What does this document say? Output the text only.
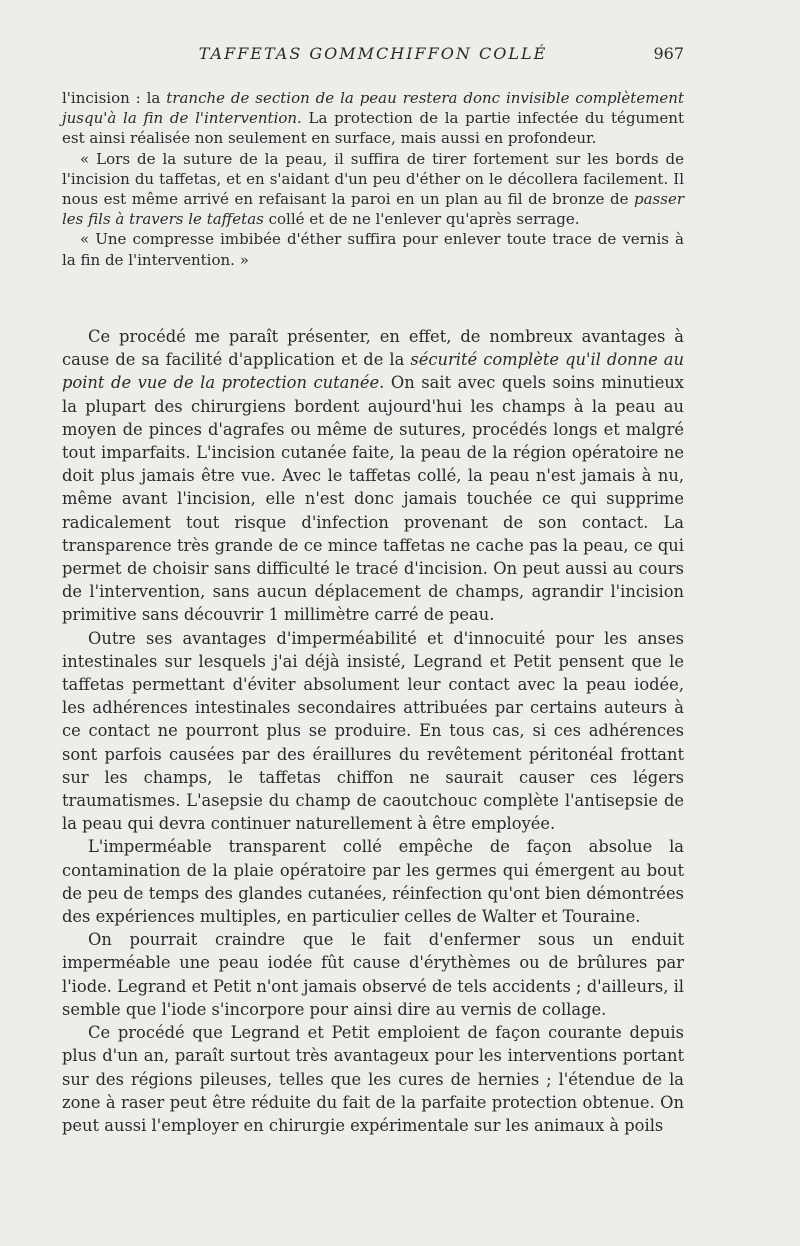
TAFFETAS GOMMCHIFFON COLLÉ	967

l'incision : la tranche de section de la peau restera donc invisible complètement jusqu'à la fin de l'intervention. La protection de la partie infectée du tégument est ainsi réalisée non seulement en surface, mais aussi en profondeur.

« Lors de la suture de la peau, il suffira de tirer fortement sur les bords de l'incision du taffetas, et en s'aidant d'un peu d'éther on le décollera facilement. Il nous est même arrivé en refaisant la paroi en un plan au fil de bronze de passer les fils à travers le taffetas collé et de ne l'enlever qu'après serrage.

« Une compresse imbibée d'éther suffira pour enlever toute trace de vernis à la fin de l'intervention. »

Ce procédé me paraît présenter, en effet, de nombreux avantages à cause de sa facilité d'application et de la sécurité complète qu'il donne au point de vue de la protection cutanée. On sait avec quels soins minutieux la plupart des chirurgiens bordent aujourd'hui les champs à la peau au moyen de pinces d'agrafes ou même de sutures, procédés longs et malgré tout imparfaits. L'incision cutanée faite, la peau de la région opératoire ne doit plus jamais être vue. Avec le taffetas collé, la peau n'est jamais à nu, même avant l'incision, elle n'est donc jamais touchée ce qui supprime radicalement tout risque d'infection provenant de son contact. La transparence très grande de ce mince taffetas ne cache pas la peau, ce qui permet de choisir sans difficulté le tracé d'incision. On peut aussi au cours de l'intervention, sans aucun déplacement de champs, agrandir l'incision primitive sans découvrir 1 millimètre carré de peau.

Outre ses avantages d'imperméabilité et d'innocuité pour les anses intestinales sur lesquels j'ai déjà insisté, Legrand et Petit pensent que le taffetas permettant d'éviter absolument leur contact avec la peau iodée, les adhérences intestinales secondaires attribuées par certains auteurs à ce contact ne pourront plus se produire. En tous cas, si ces adhérences sont parfois causées par des éraillures du revêtement péritonéal frottant sur les champs, le taffetas chiffon ne saurait causer ces légers traumatismes. L'asepsie du champ de caoutchouc complète l'antisepsie de la peau qui devra continuer naturellement à être employée.

L'imperméable transparent collé empêche de façon absolue la contamination de la plaie opératoire par les germes qui émergent au bout de peu de temps des glandes cutanées, réinfection qu'ont bien démontrées des expériences multiples, en particulier celles de Walter et Touraine.

On pourrait craindre que le fait d'enfermer sous un enduit imperméable une peau iodée fût cause d'érythèmes ou de brûlures par l'iode. Legrand et Petit n'ont jamais observé de tels accidents ; d'ailleurs, il semble que l'iode s'incorpore pour ainsi dire au vernis de collage.

Ce procédé que Legrand et Petit emploient de façon courante depuis plus d'un an, paraît surtout très avantageux pour les interventions portant sur des régions pileuses, telles que les cures de hernies ; l'étendue de la zone à raser peut être réduite du fait de la parfaite protection obtenue. On peut aussi l'employer en chirurgie expérimentale sur les animaux à poils
